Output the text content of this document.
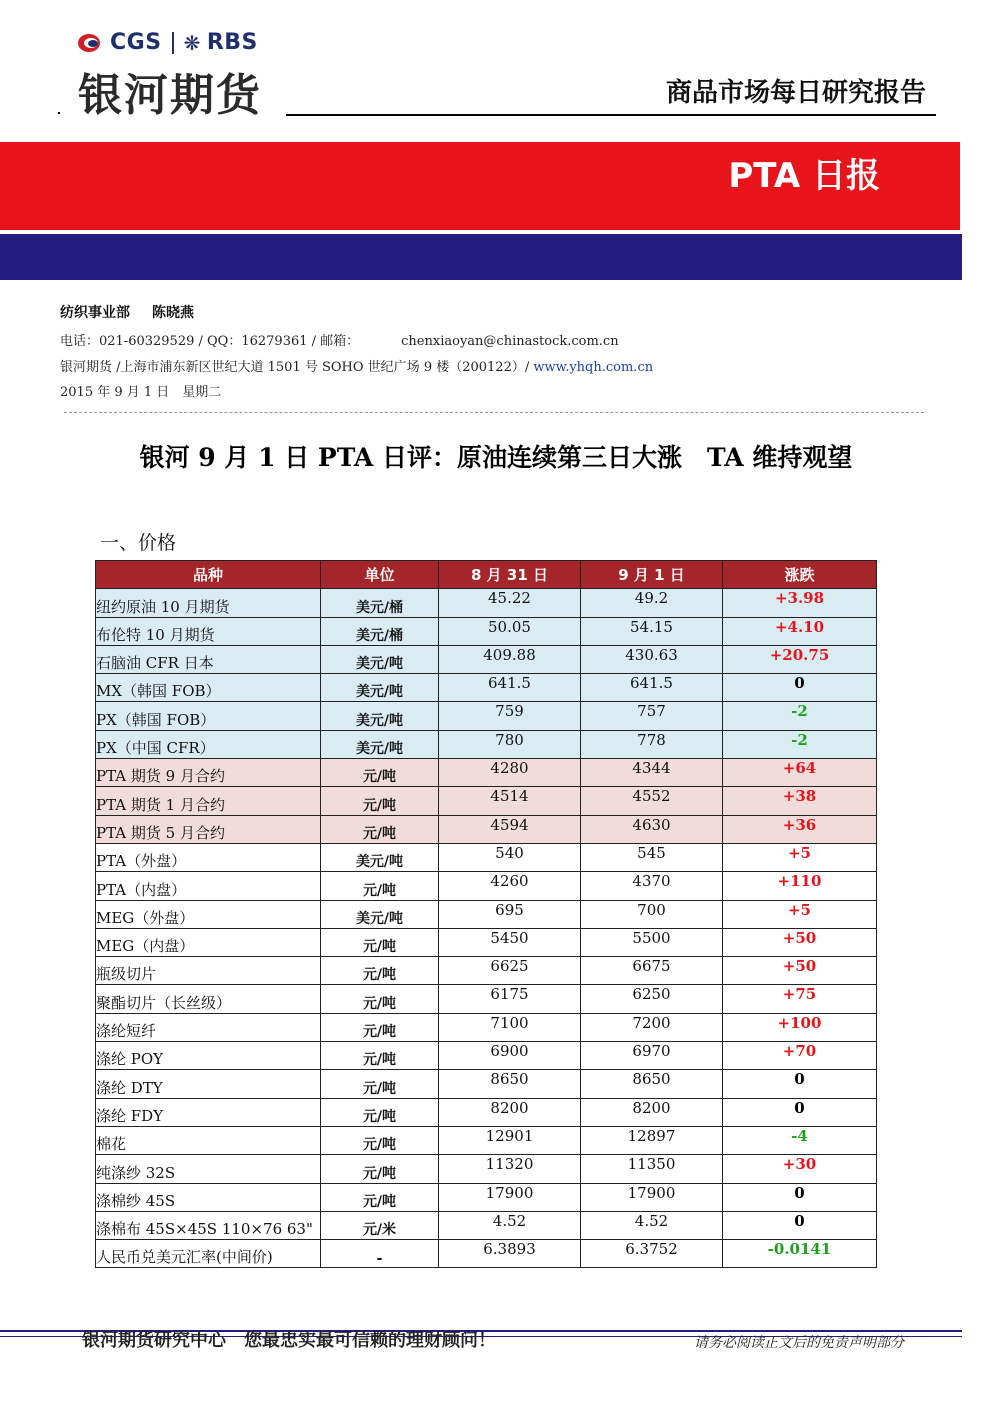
CGS ❋ RBS
银河期货	商品市场每日研究报告
PTA 日报
纺织事业部 陈晓燕
电话：021-60329529 / QQ：16279361 / 邮箱：	chenxiaoyan@chinastock.com.cn
银河期货 /上海市浦东新区世纪大道 1501 号 SOHO 世纪广场 9 楼（200122）/ www.yhqh.com.cn
2015 年 9 月 1 日　星期二
银河 9 月 1 日 PTA 日评：原油连续第三日大涨　TA 维持观望
一、价格
品种	单位	8 月 31 日	9 月 1 日	涨跌
纽约原油 10 月期货	美元/桶	45.22	49.2	+3.98
布伦特 10 月期货	美元/桶	50.05	54.15	+4.10
石脑油 CFR 日本	美元/吨	409.88	430.63	+20.75
MX（韩国 FOB）	美元/吨	641.5	641.5	0
PX（韩国 FOB）	美元/吨	759	757	-2
PX（中国 CFR）	美元/吨	780	778	-2
PTA 期货 9 月合约	元/吨	4280	4344	+64
PTA 期货 1 月合约	元/吨	4514	4552	+38
PTA 期货 5 月合约	元/吨	4594	4630	+36
PTA（外盘）	美元/吨	540	545	+5
PTA（内盘）	元/吨	4260	4370	+110
MEG（外盘）	美元/吨	695	700	+5
MEG（内盘）	元/吨	5450	5500	+50
瓶级切片	元/吨	6625	6675	+50
聚酯切片（长丝级）	元/吨	6175	6250	+75
涤纶短纤	元/吨	7100	7200	+100
涤纶 POY	元/吨	6900	6970	+70
涤纶 DTY	元/吨	8650	8650	0
涤纶 FDY	元/吨	8200	8200	0
棉花	元/吨	12901	12897	-4
纯涤纱 32S	元/吨	11320	11350	+30
涤棉纱 45S	元/吨	17900	17900	0
涤棉布 45S×45S 110×76 63"	元/米	4.52	4.52	0
人民币兑美元汇率(中间价)	-	6.3893	6.3752	-0.0141
银河期货研究中心　您最忠实最可信赖的理财顾问！	请务必阅读正文后的免责声明部分
